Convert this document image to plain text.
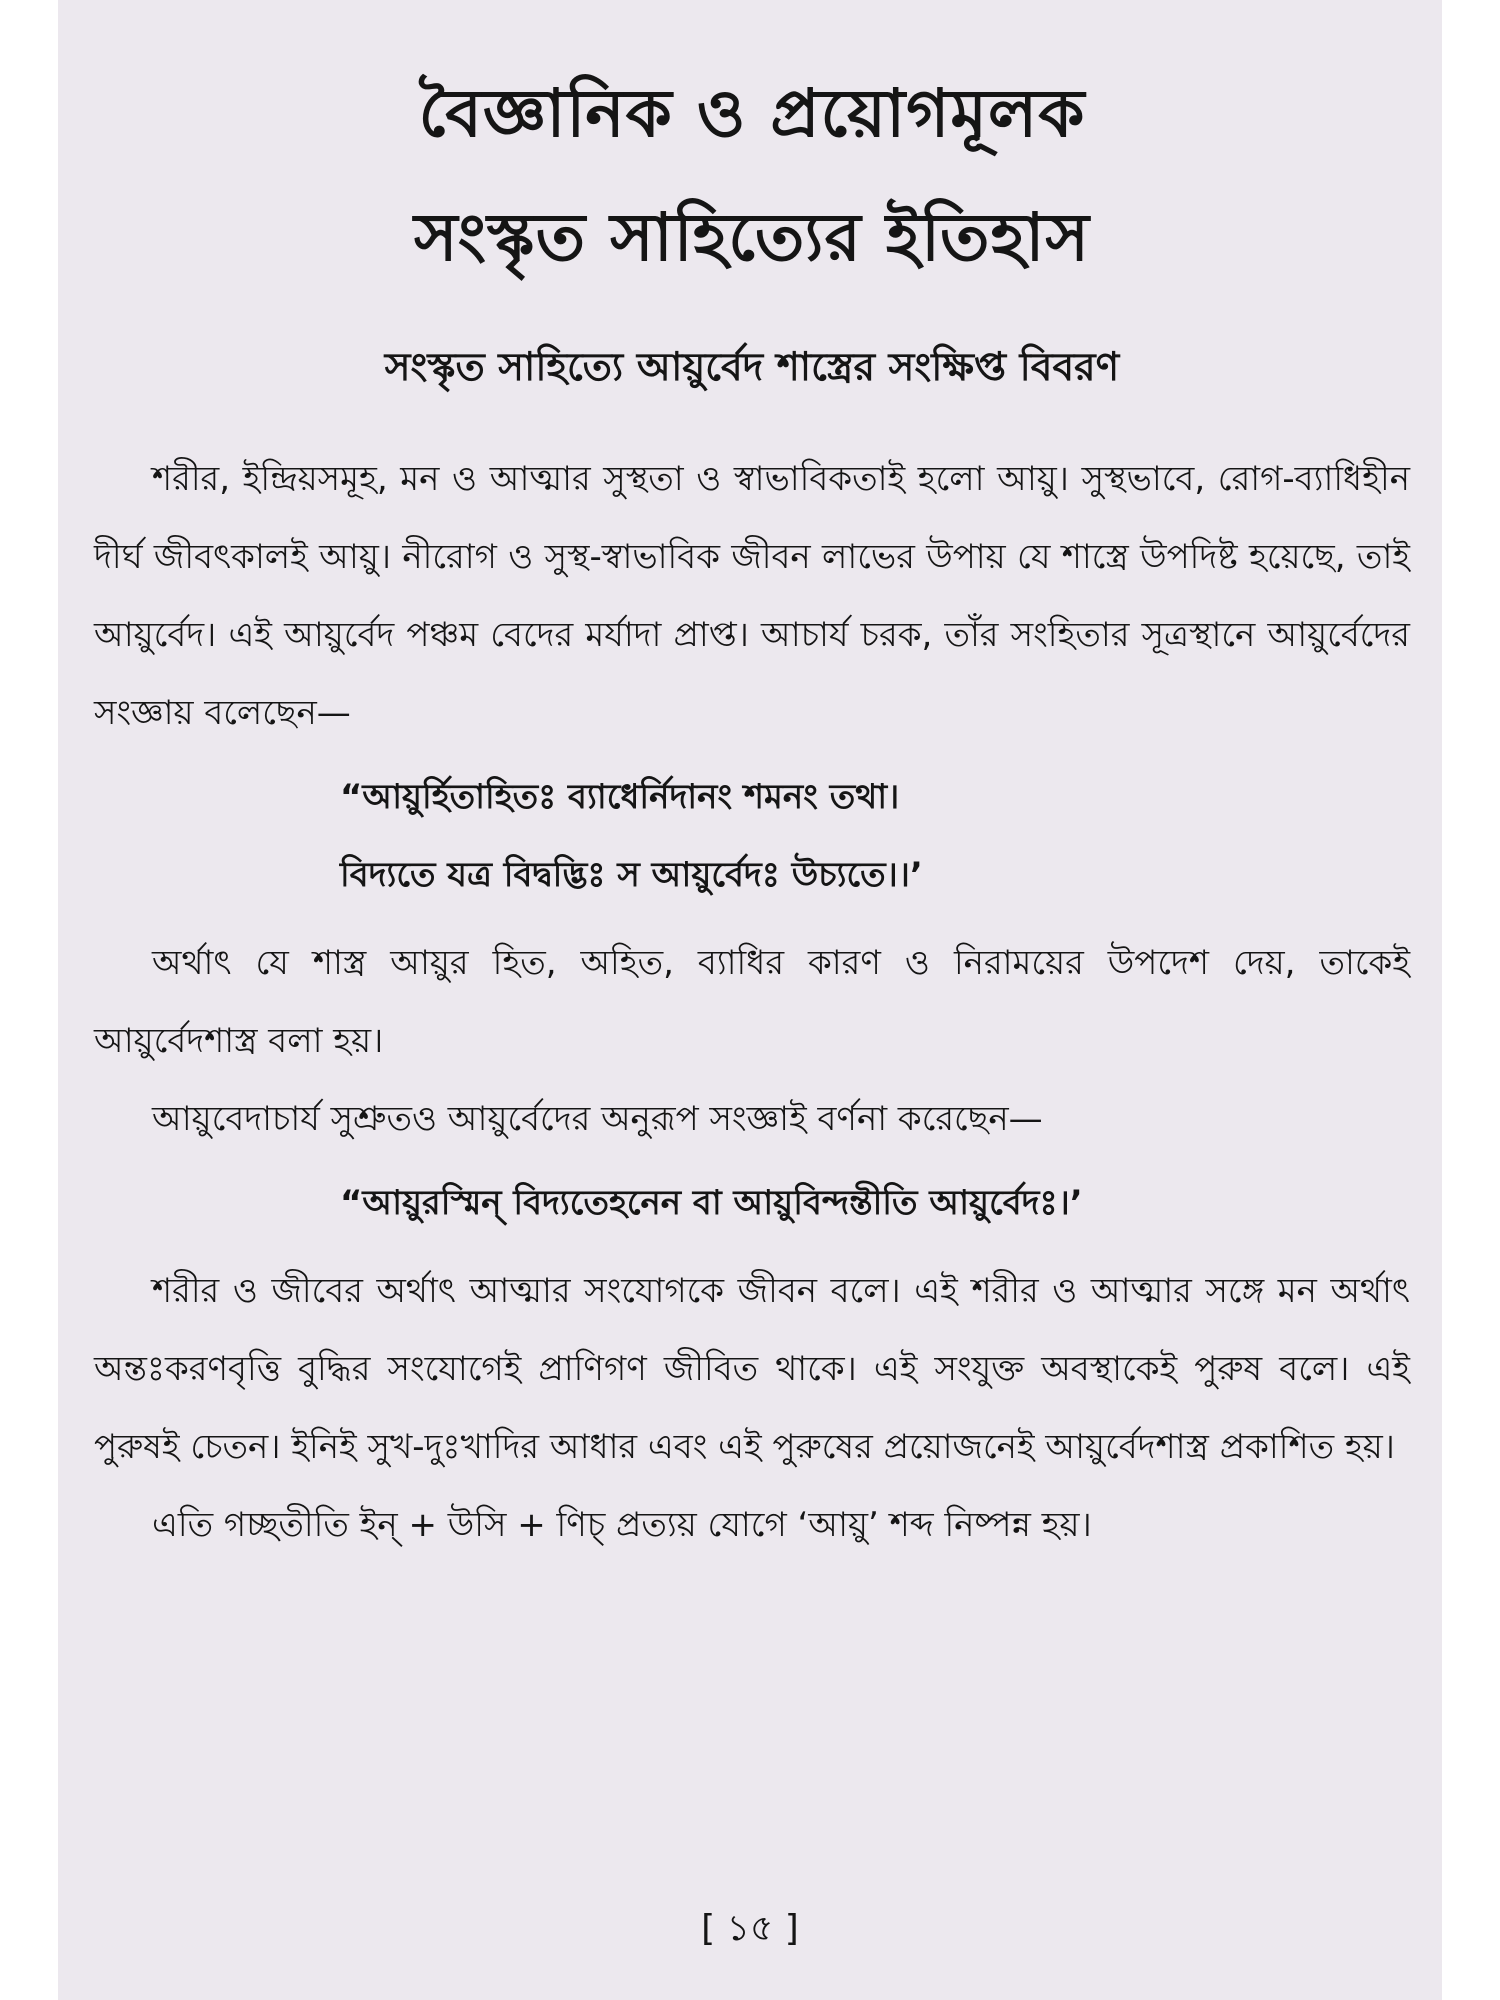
বৈজ্ঞানিক ও প্রয়োগমূলক
সংস্কৃত সাহিত্যের ইতিহাস
সংস্কৃত সাহিত্যে আয়ুর্বেদ শাস্ত্রের সংক্ষিপ্ত বিবরণ

শরীর, ইন্দ্রিয়সমূহ, মন ও আত্মার সুস্থতা ও স্বাভাবিকতাই হলো আয়ু। সুস্থভাবে, রোগ-ব্যাধিহীন দীর্ঘ জীবৎকালই আয়ু। নীরোগ ও সুস্থ-স্বাভাবিক জীবন লাভের উপায় যে শাস্ত্রে উপদিষ্ট হয়েছে, তাই আয়ুর্বেদ। এই আয়ুর্বেদ পঞ্চম বেদের মর্যাদা প্রাপ্ত। আচার্য চরক, তাঁর সংহিতার সূত্রস্থানে আয়ুর্বেদের সংজ্ঞায় বলেছেন—

“আয়ুর্হিতাহিতঃ ব্যাধের্নিদানং শমনং তথা।
বিদ্যতে যত্র বিদ্বদ্ভিঃ স আয়ুর্বেদঃ উচ্যতে।।’

অর্থাৎ যে শাস্ত্র আয়ুর হিত, অহিত, ব্যাধির কারণ ও নিরাময়ের উপদেশ দেয়, তাকেই আয়ুর্বেদশাস্ত্র বলা হয়।

আয়ুবেদাচার্য সুশ্রুতও আয়ুর্বেদের অনুরূপ সংজ্ঞাই বর্ণনা করেছেন—

“আয়ুরস্মিন্ বিদ্যতেহনেন বা আয়ুবিন্দন্তীতি আয়ুর্বেদঃ।’

শরীর ও জীবের অর্থাৎ আত্মার সংযোগকে জীবন বলে। এই শরীর ও আত্মার সঙ্গে মন অর্থাৎ অন্তঃকরণবৃত্তি বুদ্ধির সংযোগেই প্রাণিগণ জীবিত থাকে। এই সংযুক্ত অবস্থাকেই পুরুষ বলে। এই পুরুষই চেতন। ইনিই সুখ-দুঃখাদির আধার এবং এই পুরুষের প্রয়োজনেই আয়ুর্বেদশাস্ত্র প্রকাশিত হয়।

এতি গচ্ছতীতি ইন্ + উসি + ণিচ্ প্রত্যয় যোগে ‘আয়ু’ শব্দ নিষ্পন্ন হয়।

[ ১৫ ]
